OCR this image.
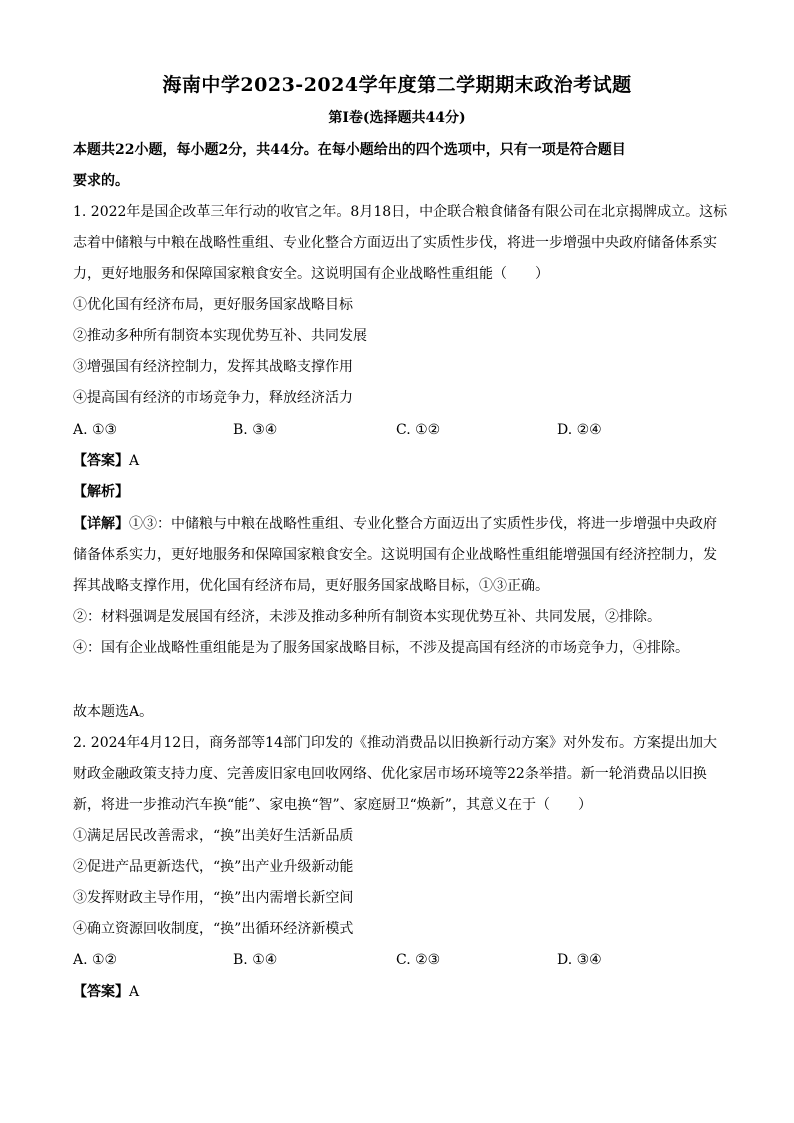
海南中学2023-2024学年度第二学期期末政治考试题
第Ⅰ卷(选择题共44分)
本题共22小题，每小题2分，共44分。在每小题给出的四个选项中，只有一项是符合题目
要求的。
1. 2022年是国企改革三年行动的收官之年。8月18日，中企联合粮食储备有限公司在北京揭牌成立。这标
志着中储粮与中粮在战略性重组、专业化整合方面迈出了实质性步伐，将进一步增强中央政府储备体系实
力，更好地服务和保障国家粮食安全。这说明国有企业战略性重组能（　　）
①优化国有经济布局，更好服务国家战略目标
②推动多种所有制资本实现优势互补、共同发展
③增强国有经济控制力，发挥其战略支撑作用
④提高国有经济的市场竞争力，释放经济活力
A. ①③	B. ③④	C. ①②	D. ②④
【答案】A
【解析】
【详解】①③：中储粮与中粮在战略性重组、专业化整合方面迈出了实质性步伐，将进一步增强中央政府
储备体系实力，更好地服务和保障国家粮食安全。这说明国有企业战略性重组能增强国有经济控制力，发
挥其战略支撑作用，优化国有经济布局，更好服务国家战略目标，①③正确。
②：材料强调是发展国有经济，未涉及推动多种所有制资本实现优势互补、共同发展，②排除。
④：国有企业战略性重组能是为了服务国家战略目标，不涉及提高国有经济的市场竞争力，④排除。
故本题选A。
2. 2024年4月12日，商务部等14部门印发的《推动消费品以旧换新行动方案》对外发布。方案提出加大
财政金融政策支持力度、完善废旧家电回收网络、优化家居市场环境等22条举措。新一轮消费品以旧换
新，将进一步推动汽车换“能”、家电换“智”、家庭厨卫“焕新”，其意义在于（　　）
①满足居民改善需求，“换”出美好生活新品质
②促进产品更新迭代，“换”出产业升级新动能
③发挥财政主导作用，“换”出内需增长新空间
④确立资源回收制度，“换”出循环经济新模式
A. ①②	B. ①④	C. ②③	D. ③④
【答案】A
